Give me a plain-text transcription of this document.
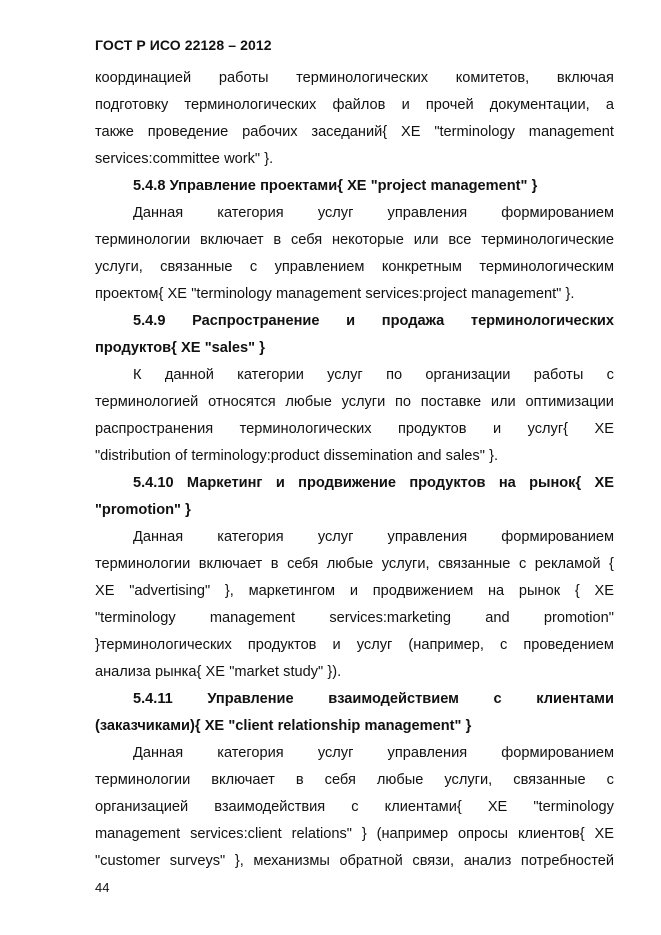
ГОСТ Р ИСО 22128 – 2012
координацией работы терминологических комитетов, включая
подготовку терминологических файлов и прочей документации, а
также проведение рабочих заседаний{ XE "terminology management
services:committee work" }.
5.4.8 Управление проектами{ XE "project management" }
Данная категория услуг управления формированием
терминологии включает в себя некоторые или все терминологические
услуги, связанные с управлением конкретным терминологическим
проектом{ XE "terminology management services:project management" }.
5.4.9 Распространение и продажа терминологических
продуктов{ XE "sales" }
К данной категории услуг по организации работы с
терминологией относятся любые услуги по поставке или оптимизации
распространения терминологических продуктов и услуг{ XE
"distribution of terminology:product dissemination and sales" }.
5.4.10 Маркетинг и продвижение продуктов на рынок{ XE
"promotion" }
Данная категория услуг управления формированием
терминологии включает в себя любые услуги, связанные с рекламой {
XE "advertising" }, маркетингом и продвижением на рынок { XE
"terminology management services:marketing and promotion"
}терминологических продуктов и услуг (например, с проведением
анализа рынка{ XE "market study" }).
5.4.11 Управление взаимодействием с клиентами
(заказчиками){ XE "client relationship management" }
Данная категория услуг управления формированием
терминологии включает в себя любые услуги, связанные с
организацией взаимодействия с клиентами{ XE "terminology
management services:client relations" } (например опросы клиентов{ XE
"customer surveys" }, механизмы обратной связи, анализ потребностей
44
